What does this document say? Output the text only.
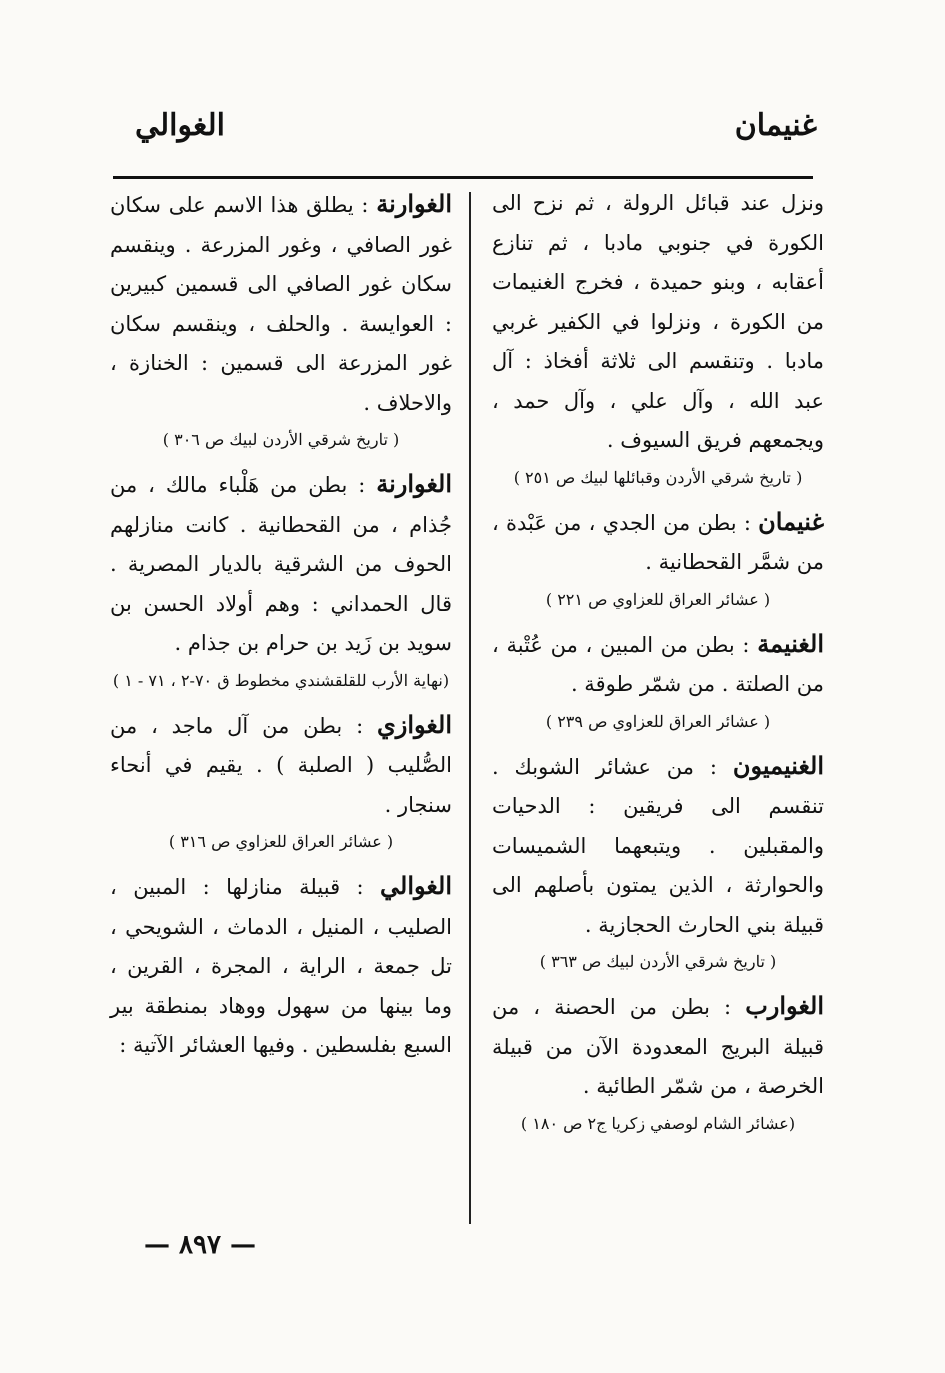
غنيمان
الغوالي
ونزل عند قبائل الرولة ، ثم نزح الى الكورة في جنوبي مادبا ، ثم تنازع أعقابه ، وبنو حميدة ، فخرج الغنيمات من الكورة ، ونزلوا في الكفير غربي مادبا . وتنقسم الى ثلاثة أفخاذ : آل عبد الله ، وآل علي ، وآل حمد ، ويجمعهم فريق السيوف .
( تاريخ شرقي الأردن وقبائلها لبيك ص ٢٥١ )
غنيمان : بطن من الجدي ، من عَبْدة ، من شمَّر القحطانية .
( عشائر العراق للعزاوي ص ٢٢١ )
الغنيمة : بطن من المبين ، من عُتْبة ، من الصلتة . من شمّر طوقة .
( عشائر العراق للعزاوي ص ٢٣٩ )
الغنيميون : من عشائر الشوبك . تنقسم الى فريقين : الدحيات والمقبلين . ويتبعهما الشميسات والحوارثة ، الذين يمتون بأصلهم الى قبيلة بني الحارث الحجازية .
( تاريخ شرقي الأردن لبيك ص ٣٦٣ )
الغوارب : بطن من الحصنة ، من قبيلة البريج المعدودة الآن من قبيلة الخرصة ، من شمّر الطائية .
(عشائر الشام لوصفي زكريا ج٢ ص ١٨٠ )
الغوارنة : يطلق هذا الاسم على سكان غور الصافي ، وغور المزرعة . وينقسم سكان غور الصافي الى قسمين كبيرين : العوايسة . والحلف ، وينقسم سكان غور المزرعة الى قسمين : الخنازة ، والاحلاف .
( تاريخ شرقي الأردن لبيك ص ٣٠٦ )
الغوارنة : بطن من هَلْباء مالك ، من جُذام ، من القحطانية . كانت منازلهم الحوف من الشرقية بالديار المصرية . قال الحمداني : وهم أولاد الحسن بن سويد بن زَيد بن حرام بن جذام .
(نهاية الأرب للقلقشندي مخطوط ق ٧٠-٢ ، ٧١ - ١ )
الغوازي : بطن من آل ماجد ، من الصُّليب ( الصلبة ) . يقيم في أنحاء سنجار .
( عشائر العراق للعزاوي ص ٣١٦ )
الغوالي : قبيلة منازلها : المبين ، الصليب ، المنيل ، الدماث ، الشويحي ، تل جمعة ، الراية ، المجرة ، القرين ، وما بينها من سهول ووهاد بمنطقة بير السبع بفلسطين . وفيها العشائر الآتية :
— ٨٩٧ —
